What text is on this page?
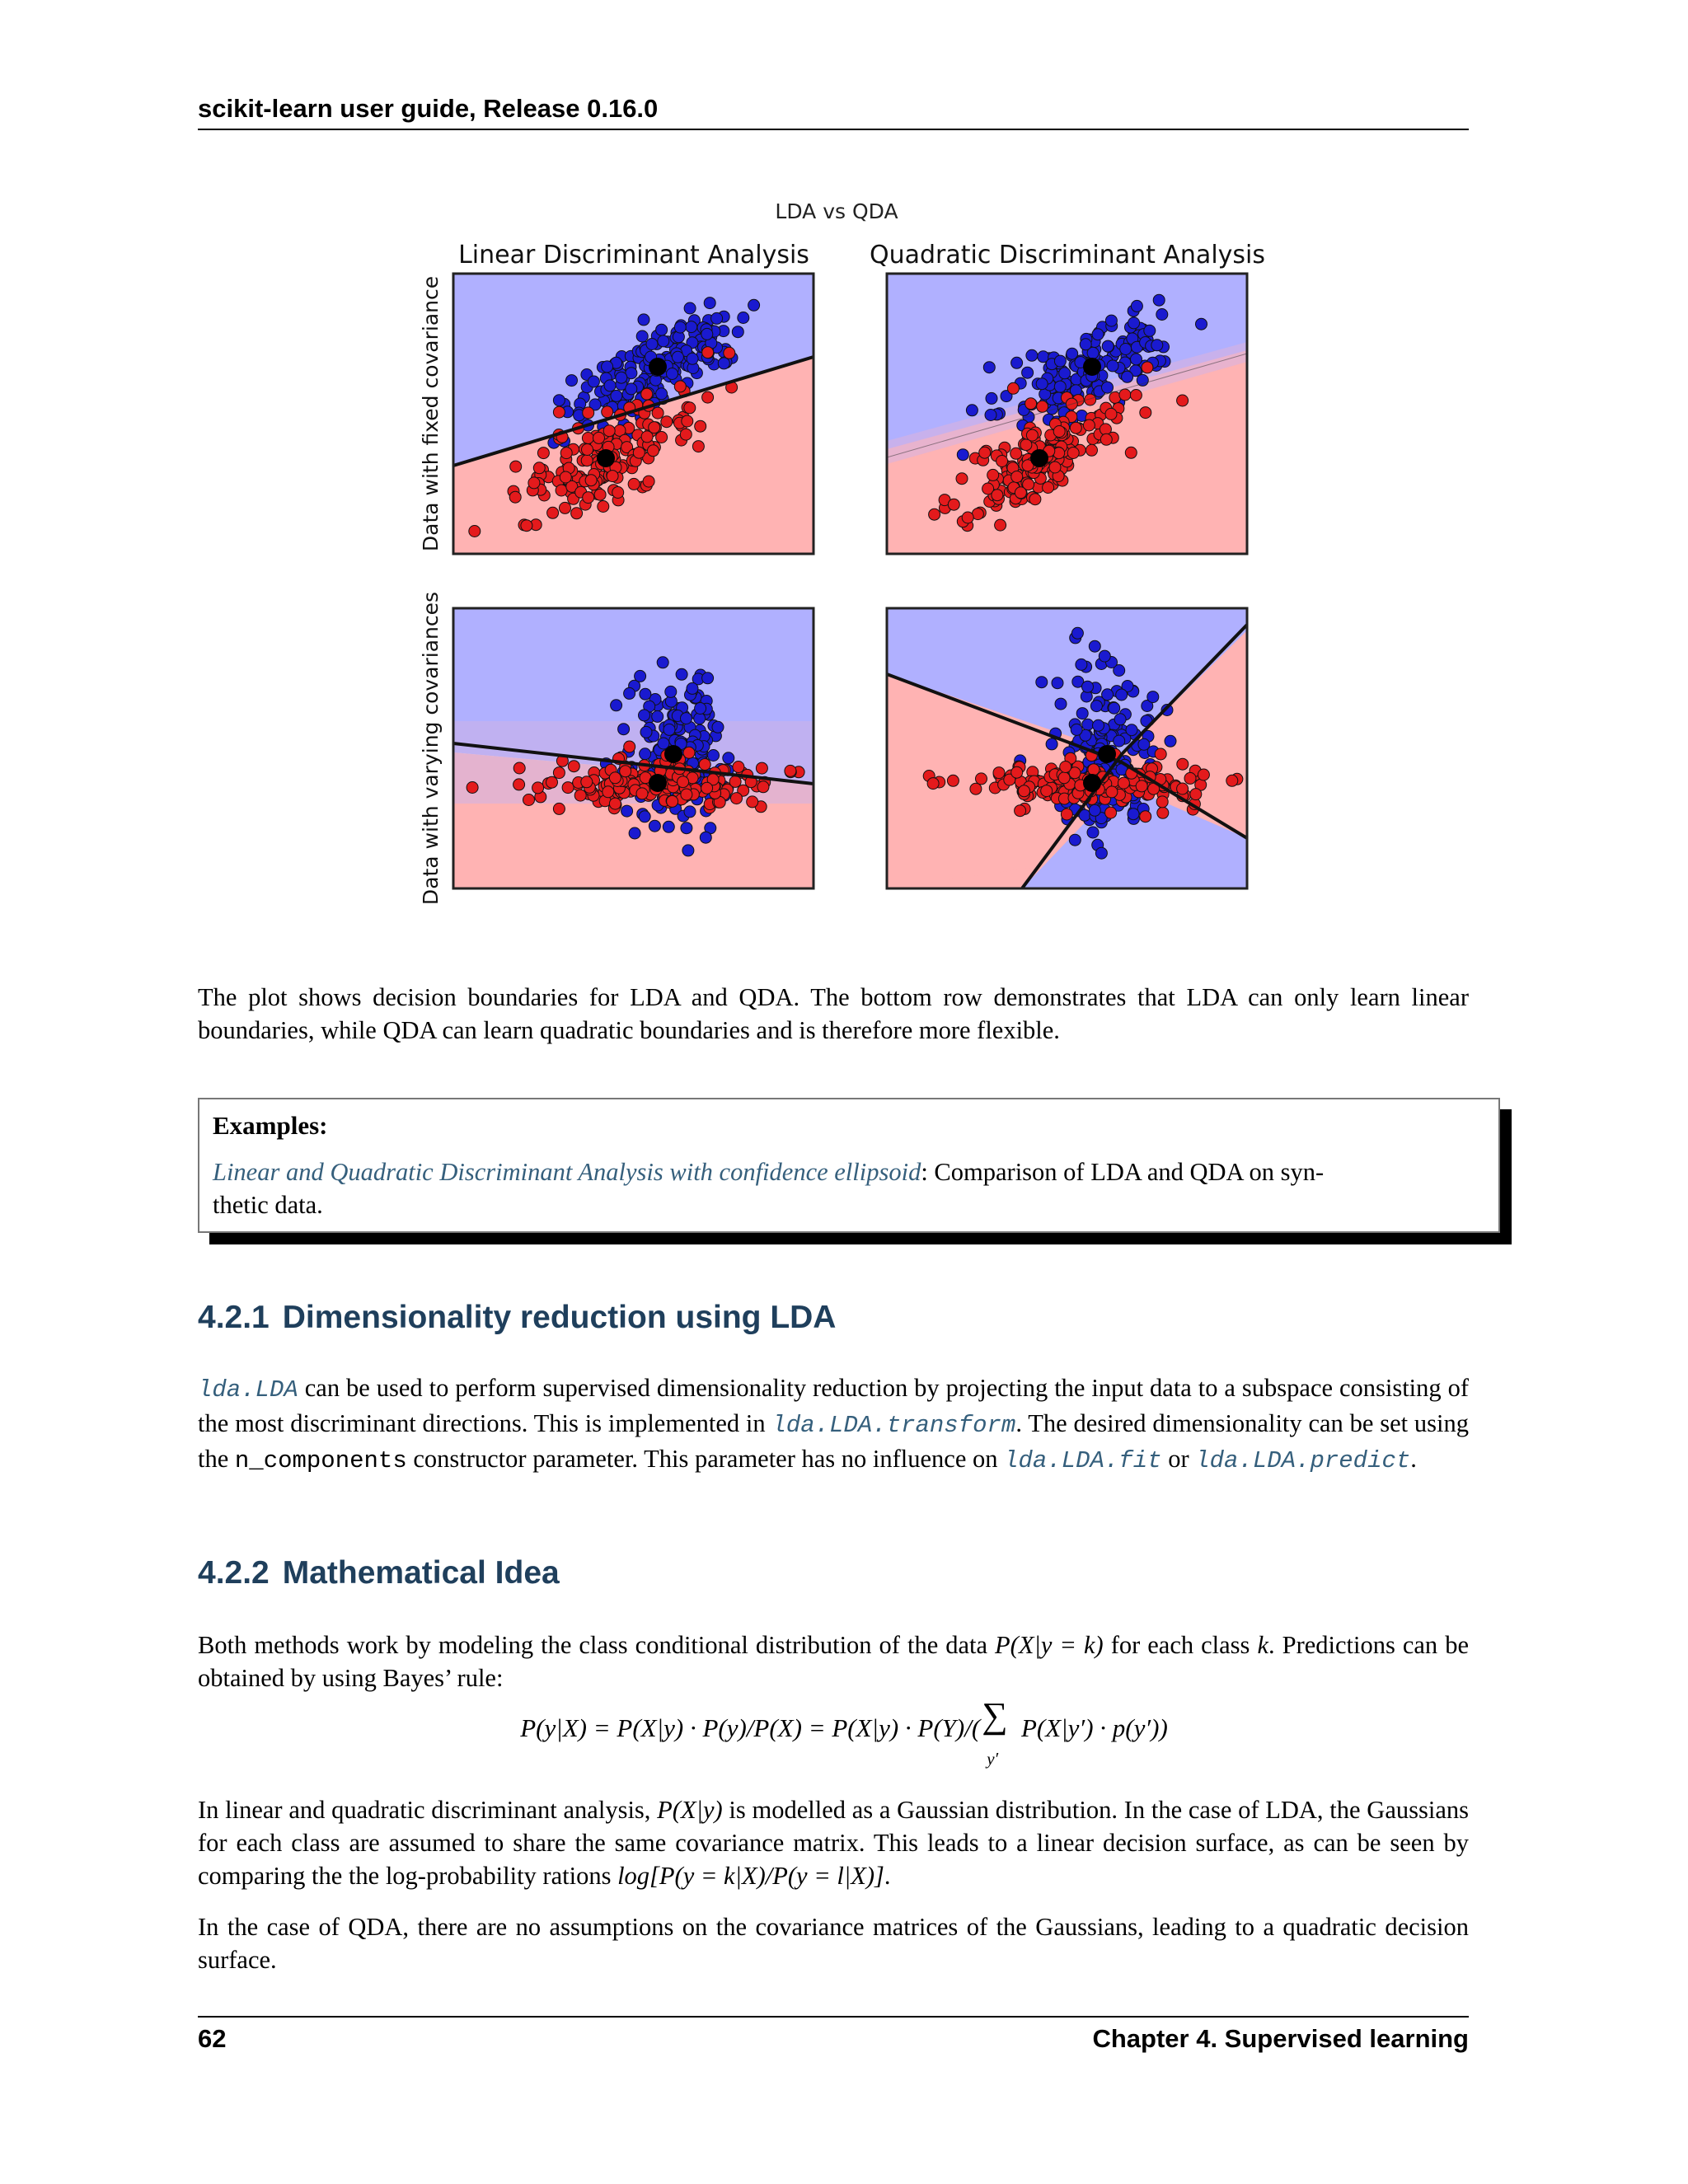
scikit-learn user guide, Release 0.16.0
LDA vs QDA
Linear Discriminant Analysis Quadratic Discriminant Analysis
Data with fixed covariance
Data with varying covariances

The plot shows decision boundaries for LDA and QDA. The bottom row demonstrates that LDA can only learn linear boundaries, while QDA can learn quadratic boundaries and is therefore more flexible.

Examples:
Linear and Quadratic Discriminant Analysis with confidence ellipsoid: Comparison of LDA and QDA on syn-
thetic data.
4.2.1 Dimensionality reduction using LDA

lda.LDA can be used to perform supervised dimensionality reduction by projecting the input data to a subspace consisting of the most discriminant directions. This is implemented in lda.LDA.transform. The desired dimensionality can be set using the n_components constructor parameter. This parameter has no influence on lda.LDA.fit or lda.LDA.predict.

4.2.2 Mathematical Idea

Both methods work by modeling the class conditional distribution of the data P(X|y = k) for each class k. Predictions can be obtained by using Bayes’ rule:

P(y|X) = P(X|y) · P(y)/P(X) = P(X|y) · P(Y)/( ∑
y′
P(X|y′) · p(y′))

In linear and quadratic discriminant analysis, P(X|y) is modelled as a Gaussian distribution. In the case of LDA, the Gaussians for each class are assumed to share the same covariance matrix. This leads to a linear decision surface, as can be seen by comparing the the log-probability rations log[P(y = k|X)/P(y = l|X)].

In the case of QDA, there are no assumptions on the covariance matrices of the Gaussians, leading to a quadratic decision surface.

62	Chapter 4. Supervised learning
